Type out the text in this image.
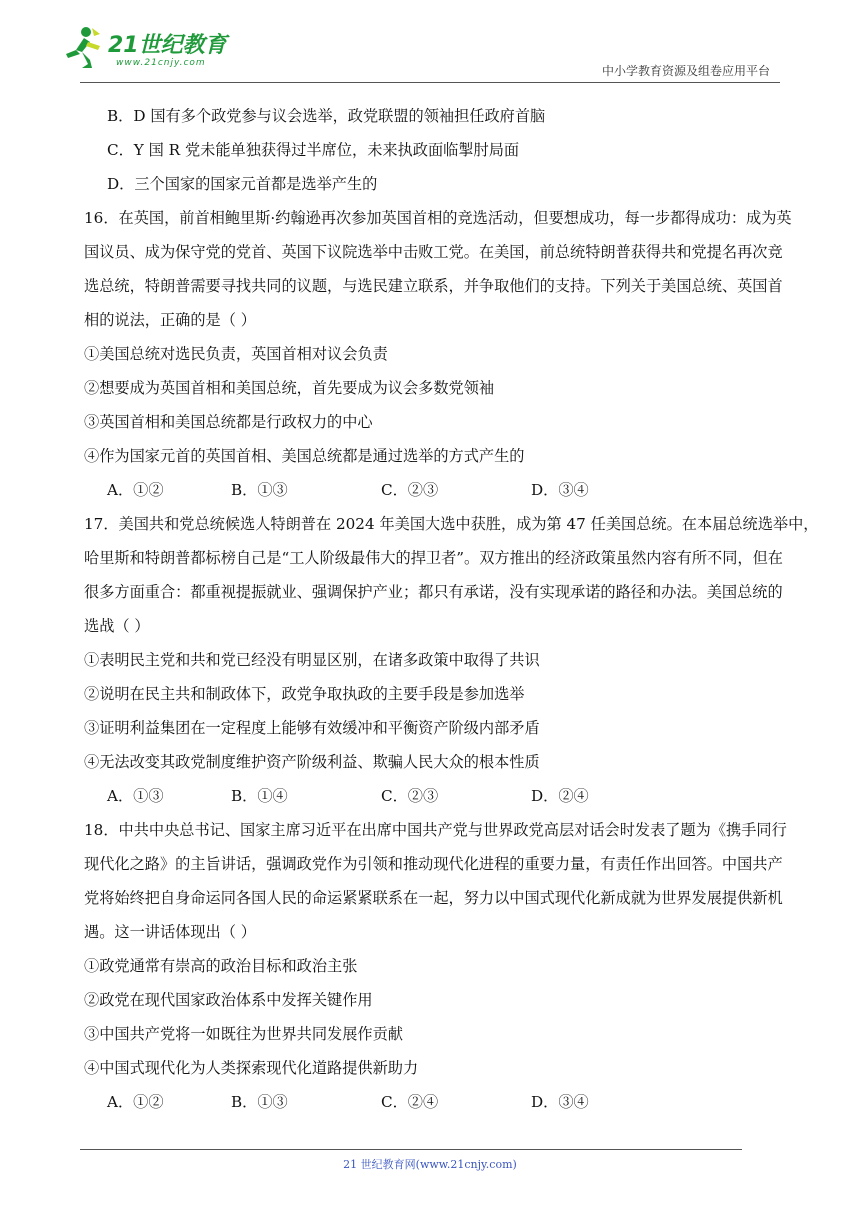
21世纪教育
www.21cnjy.com
中小学教育资源及组卷应用平台
B．D 国有多个政党参与议会选举，政党联盟的领袖担任政府首脑
C．Y 国 R 党未能单独获得过半席位，未来执政面临掣肘局面
D．三个国家的国家元首都是选举产生的
16．在英国，前首相鲍里斯·约翰逊再次参加英国首相的竞选活动，但要想成功，每一步都得成功：成为英
国议员、成为保守党的党首、英国下议院选举中击败工党。在美国，前总统特朗普获得共和党提名再次竞
选总统，特朗普需要寻找共同的议题，与选民建立联系，并争取他们的支持。下列关于美国总统、英国首
相的说法，正确的是（ ）
①美国总统对选民负责，英国首相对议会负责
②想要成为英国首相和美国总统，首先要成为议会多数党领袖
③英国首相和美国总统都是行政权力的中心
④作为国家元首的英国首相、美国总统都是通过选举的方式产生的
A．①②	B．①③	C．②③	D．③④
17．美国共和党总统候选人特朗普在 2024 年美国大选中获胜，成为第 47 任美国总统。在本届总统选举中，
哈里斯和特朗普都标榜自己是“工人阶级最伟大的捍卫者”。双方推出的经济政策虽然内容有所不同，但在
很多方面重合：都重视提振就业、强调保护产业；都只有承诺，没有实现承诺的路径和办法。美国总统的
选战（ ）
①表明民主党和共和党已经没有明显区别，在诸多政策中取得了共识
②说明在民主共和制政体下，政党争取执政的主要手段是参加选举
③证明利益集团在一定程度上能够有效缓冲和平衡资产阶级内部矛盾
④无法改变其政党制度维护资产阶级利益、欺骗人民大众的根本性质
A．①③	B．①④	C．②③	D．②④
18．中共中央总书记、国家主席习近平在出席中国共产党与世界政党高层对话会时发表了题为《携手同行
现代化之路》的主旨讲话，强调政党作为引领和推动现代化进程的重要力量，有责任作出回答。中国共产
党将始终把自身命运同各国人民的命运紧紧联系在一起，努力以中国式现代化新成就为世界发展提供新机
遇。这一讲话体现出（ ）
①政党通常有崇高的政治目标和政治主张
②政党在现代国家政治体系中发挥关键作用
③中国共产党将一如既往为世界共同发展作贡献
④中国式现代化为人类探索现代化道路提供新助力
A．①②	B．①③	C．②④	D．③④
21 世纪教育网(www.21cnjy.com)
